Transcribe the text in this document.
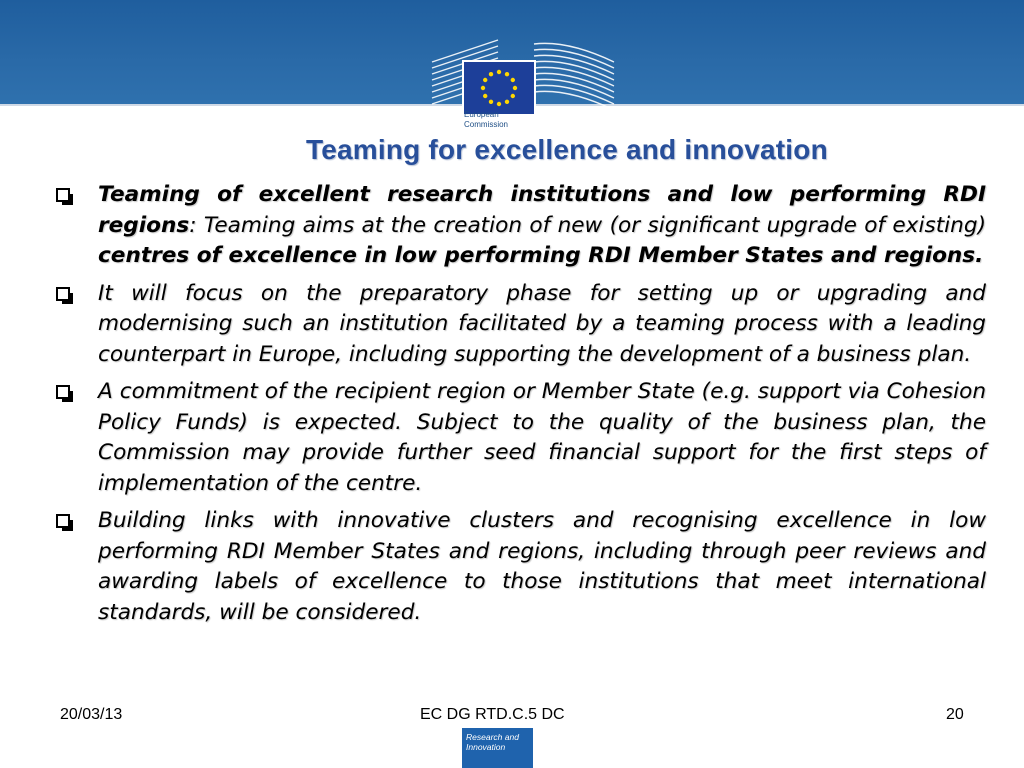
European
Commission
Teaming for excellence and innovation
Teaming of excellent research institutions and low performing RDI regions: Teaming aims at the creation of new (or significant upgrade of existing) centres of excellence in low performing RDI Member States and regions.
It will focus on the preparatory phase for setting up or upgrading and modernising such an institution facilitated by a teaming process with a leading counterpart in Europe, including supporting the development of a business plan.
A commitment of the recipient region or Member State (e.g. support via Cohesion Policy Funds) is expected. Subject to the quality of the business plan, the Commission may provide further seed financial support for the first steps of implementation of the centre.
Building links with innovative clusters and recognising excellence in low performing RDI Member States and regions, including through peer reviews and awarding labels of excellence to those institutions that meet international standards, will be considered.
20/03/13	EC DG RTD.C.5 DC	20
Research and
Innovation
